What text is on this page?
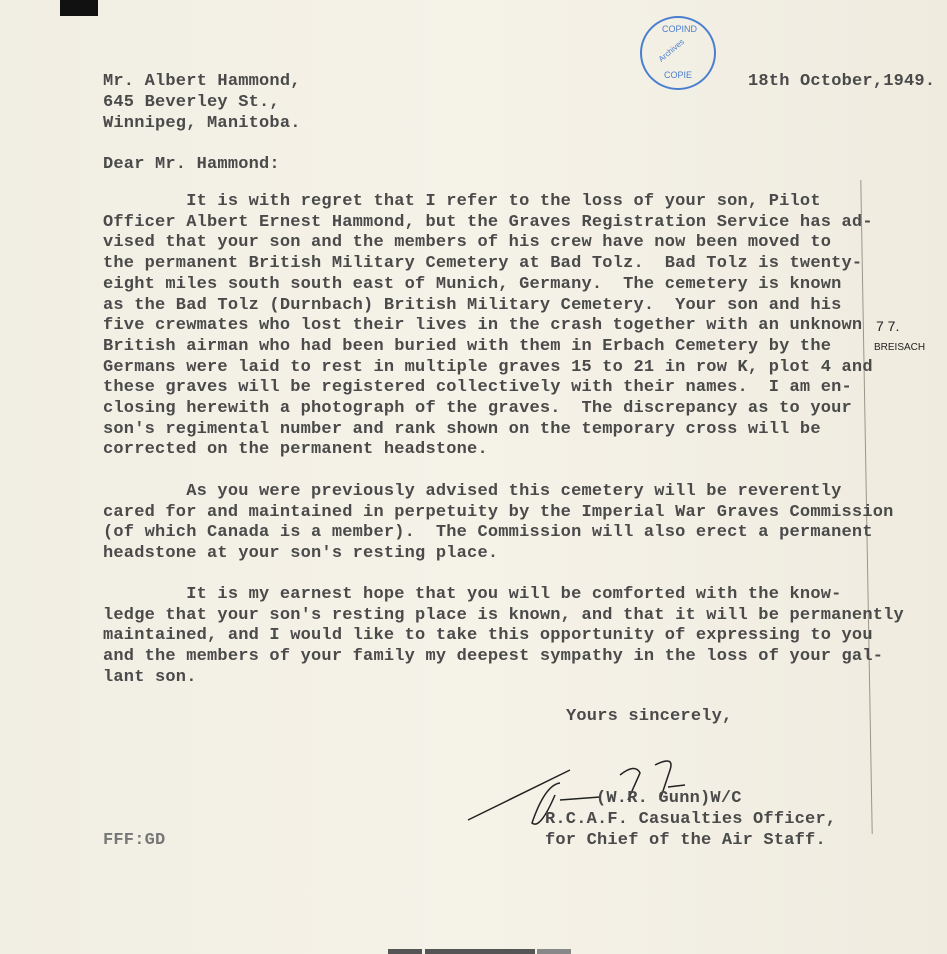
COPIND
Archives
COPIE	18th October,1949.
Mr. Albert Hammond,
645 Beverley St.,
Winnipeg, Manitoba.
Dear Mr. Hammond:
It is with regret that I refer to the loss of your son, Pilot
Officer Albert Ernest Hammond, but the Graves Registration Service has ad-
vised that your son and the members of his crew have now been moved to
the permanent British Military Cemetery at Bad Tolz.  Bad Tolz is twenty-
eight miles south south east of Munich, Germany.  The cemetery is known
as the Bad Tolz (Durnbach) British Military Cemetery.  Your son and his
five crewmates who lost their lives in the crash together with an unknown
British airman who had been buried with them in Erbach Cemetery by the
Germans were laid to rest in multiple graves 15 to 21 in row K, plot 4 and
these graves will be registered collectively with their names.  I am en-
closing herewith a photograph of the graves.  The discrepancy as to your
son's regimental number and rank shown on the temporary cross will be
corrected on the permanent headstone.
As you were previously advised this cemetery will be reverently
cared for and maintained in perpetuity by the Imperial War Graves Commission
(of which Canada is a member).  The Commission will also erect a permanent
headstone at your son's resting place.
It is my earnest hope that you will be comforted with the know-
ledge that your son's resting place is known, and that it will be permanently
maintained, and I would like to take this opportunity of expressing to you
and the members of your family my deepest sympathy in the loss of your gal-
lant son.
BREISACH
7 7.
Yours sincerely,
(W.R. Gunn)W/C
R.C.A.F. Casualties Officer,
for Chief of the Air Staff.
FFF:GD
